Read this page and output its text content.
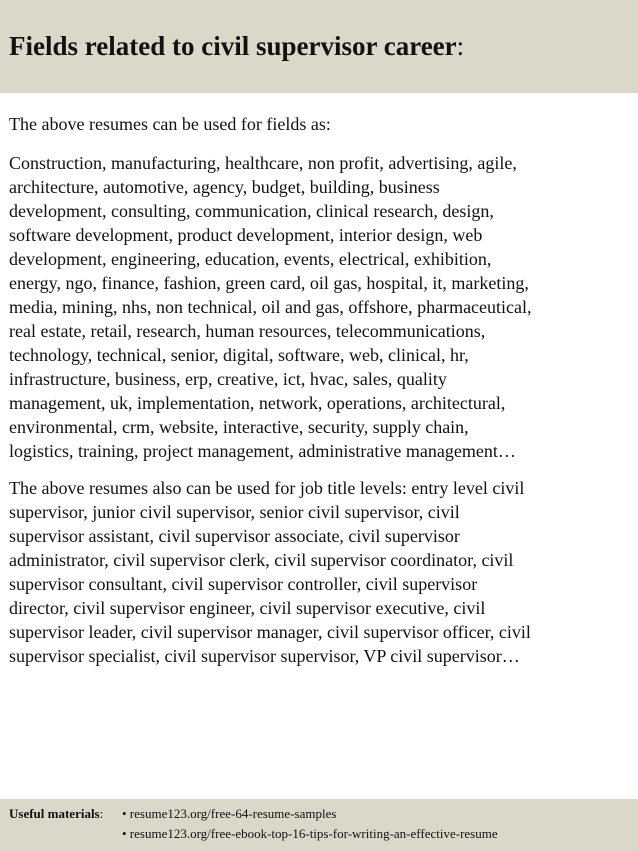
Fields related to civil supervisor career:

The above resumes can be used for fields as:

Construction, manufacturing, healthcare, non profit, advertising, agile,
architecture, automotive, agency, budget, building, business
development, consulting, communication, clinical research, design,
software development, product development, interior design, web
development, engineering, education, events, electrical, exhibition,
energy, ngo, finance, fashion, green card, oil gas, hospital, it, marketing,
media, mining, nhs, non technical, oil and gas, offshore, pharmaceutical,
real estate, retail, research, human resources, telecommunications,
technology, technical, senior, digital, software, web, clinical, hr,
infrastructure, business, erp, creative, ict, hvac, sales, quality
management, uk, implementation, network, operations, architectural,
environmental, crm, website, interactive, security, supply chain,
logistics, training, project management, administrative management…

The above resumes also can be used for job title levels: entry level civil
supervisor, junior civil supervisor, senior civil supervisor, civil
supervisor assistant, civil supervisor associate, civil supervisor
administrator, civil supervisor clerk, civil supervisor coordinator, civil
supervisor consultant, civil supervisor controller, civil supervisor
director, civil supervisor engineer, civil supervisor executive, civil
supervisor leader, civil supervisor manager, civil supervisor officer, civil
supervisor specialist, civil supervisor supervisor, VP civil supervisor…

Useful materials:	• resume123.org/free-64-resume-samples
• resume123.org/free-ebook-top-16-tips-for-writing-an-effective-resume
